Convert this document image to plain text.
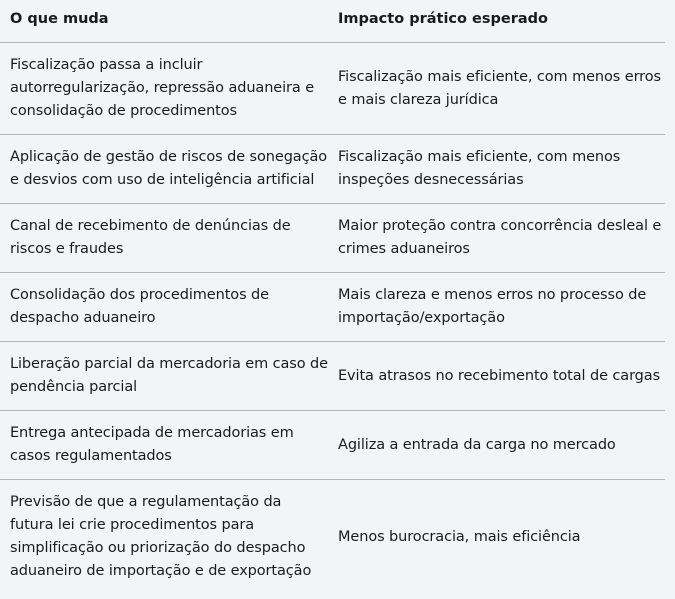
O que muda	Impacto prático esperado
Fiscalização passa a incluir autorregularização, repressão aduaneira e consolidação de procedimentos	Fiscalização mais eficiente, com menos erros e mais clareza jurídica
Aplicação de gestão de riscos de sonegação e desvios com uso de inteligência artificial	Fiscalização mais eficiente, com menos inspeções desnecessárias
Canal de recebimento de denúncias de riscos e fraudes	Maior proteção contra concorrência desleal e crimes aduaneiros
Consolidação dos procedimentos de despacho aduaneiro	Mais clareza e menos erros no processo de importação/exportação
Liberação parcial da mercadoria em caso de pendência parcial	Evita atrasos no recebimento total de cargas
Entrega antecipada de mercadorias em casos regulamentados	Agiliza a entrada da carga no mercado
Previsão de que a regulamentação da futura lei crie procedimentos para simplificação ou priorização do despacho aduaneiro de importação e de exportação	Menos burocracia, mais eficiência
